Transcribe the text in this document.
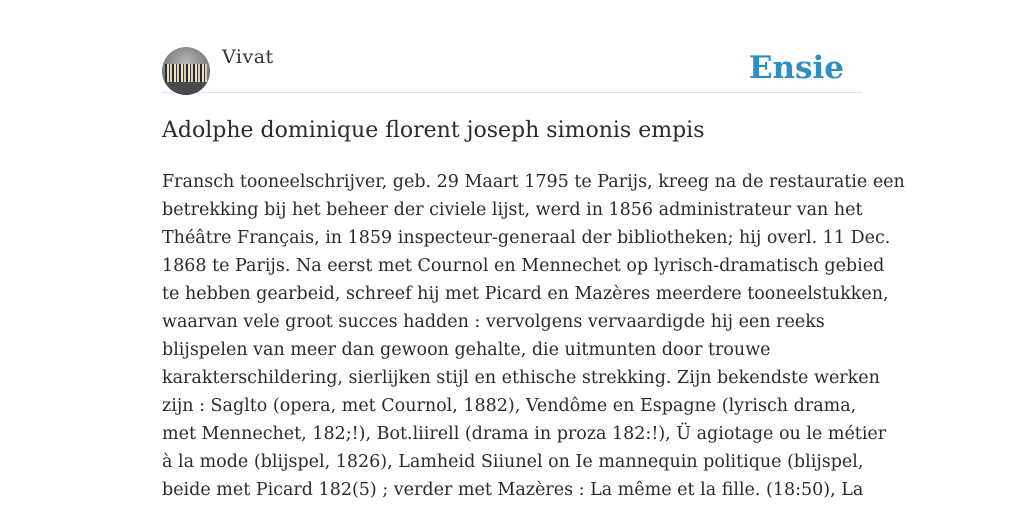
Vivat	Ensie
Adolphe dominique florent joseph simonis empis
Fransch tooneelschrijver, geb. 29 Maart 1795 te Parijs, kreeg na de restauratie een
betrekking bij het beheer der civiele lijst, werd in 1856 administrateur van het
Théâtre Français, in 1859 inspecteur-generaal der bibliotheken; hij overl. 11 Dec.
1868 te Parijs. Na eerst met Cournol en Mennechet op lyrisch-dramatisch gebied
te hebben gearbeid, schreef hij met Picard en Mazères meerdere tooneelstukken,
waarvan vele groot succes hadden : vervolgens vervaardigde hij een reeks
blijspelen van meer dan gewoon gehalte, die uitmunten door trouwe
karakterschildering, sierlijken stijl en ethische strekking. Zijn bekendste werken
zijn : Saglto (opera, met Cournol, 1882), Vendôme en Espagne (lyrisch drama,
met Mennechet, 182;!), Bot.liirell (drama in proza 182:!), Ü agiotage ou le métier
à la mode (blijspel, 1826), Lamheid Siiunel on Ie mannequin politique (blijspel,
beide met Picard 182(5) ; verder met Mazères : La même et la fille. (18:50), La
